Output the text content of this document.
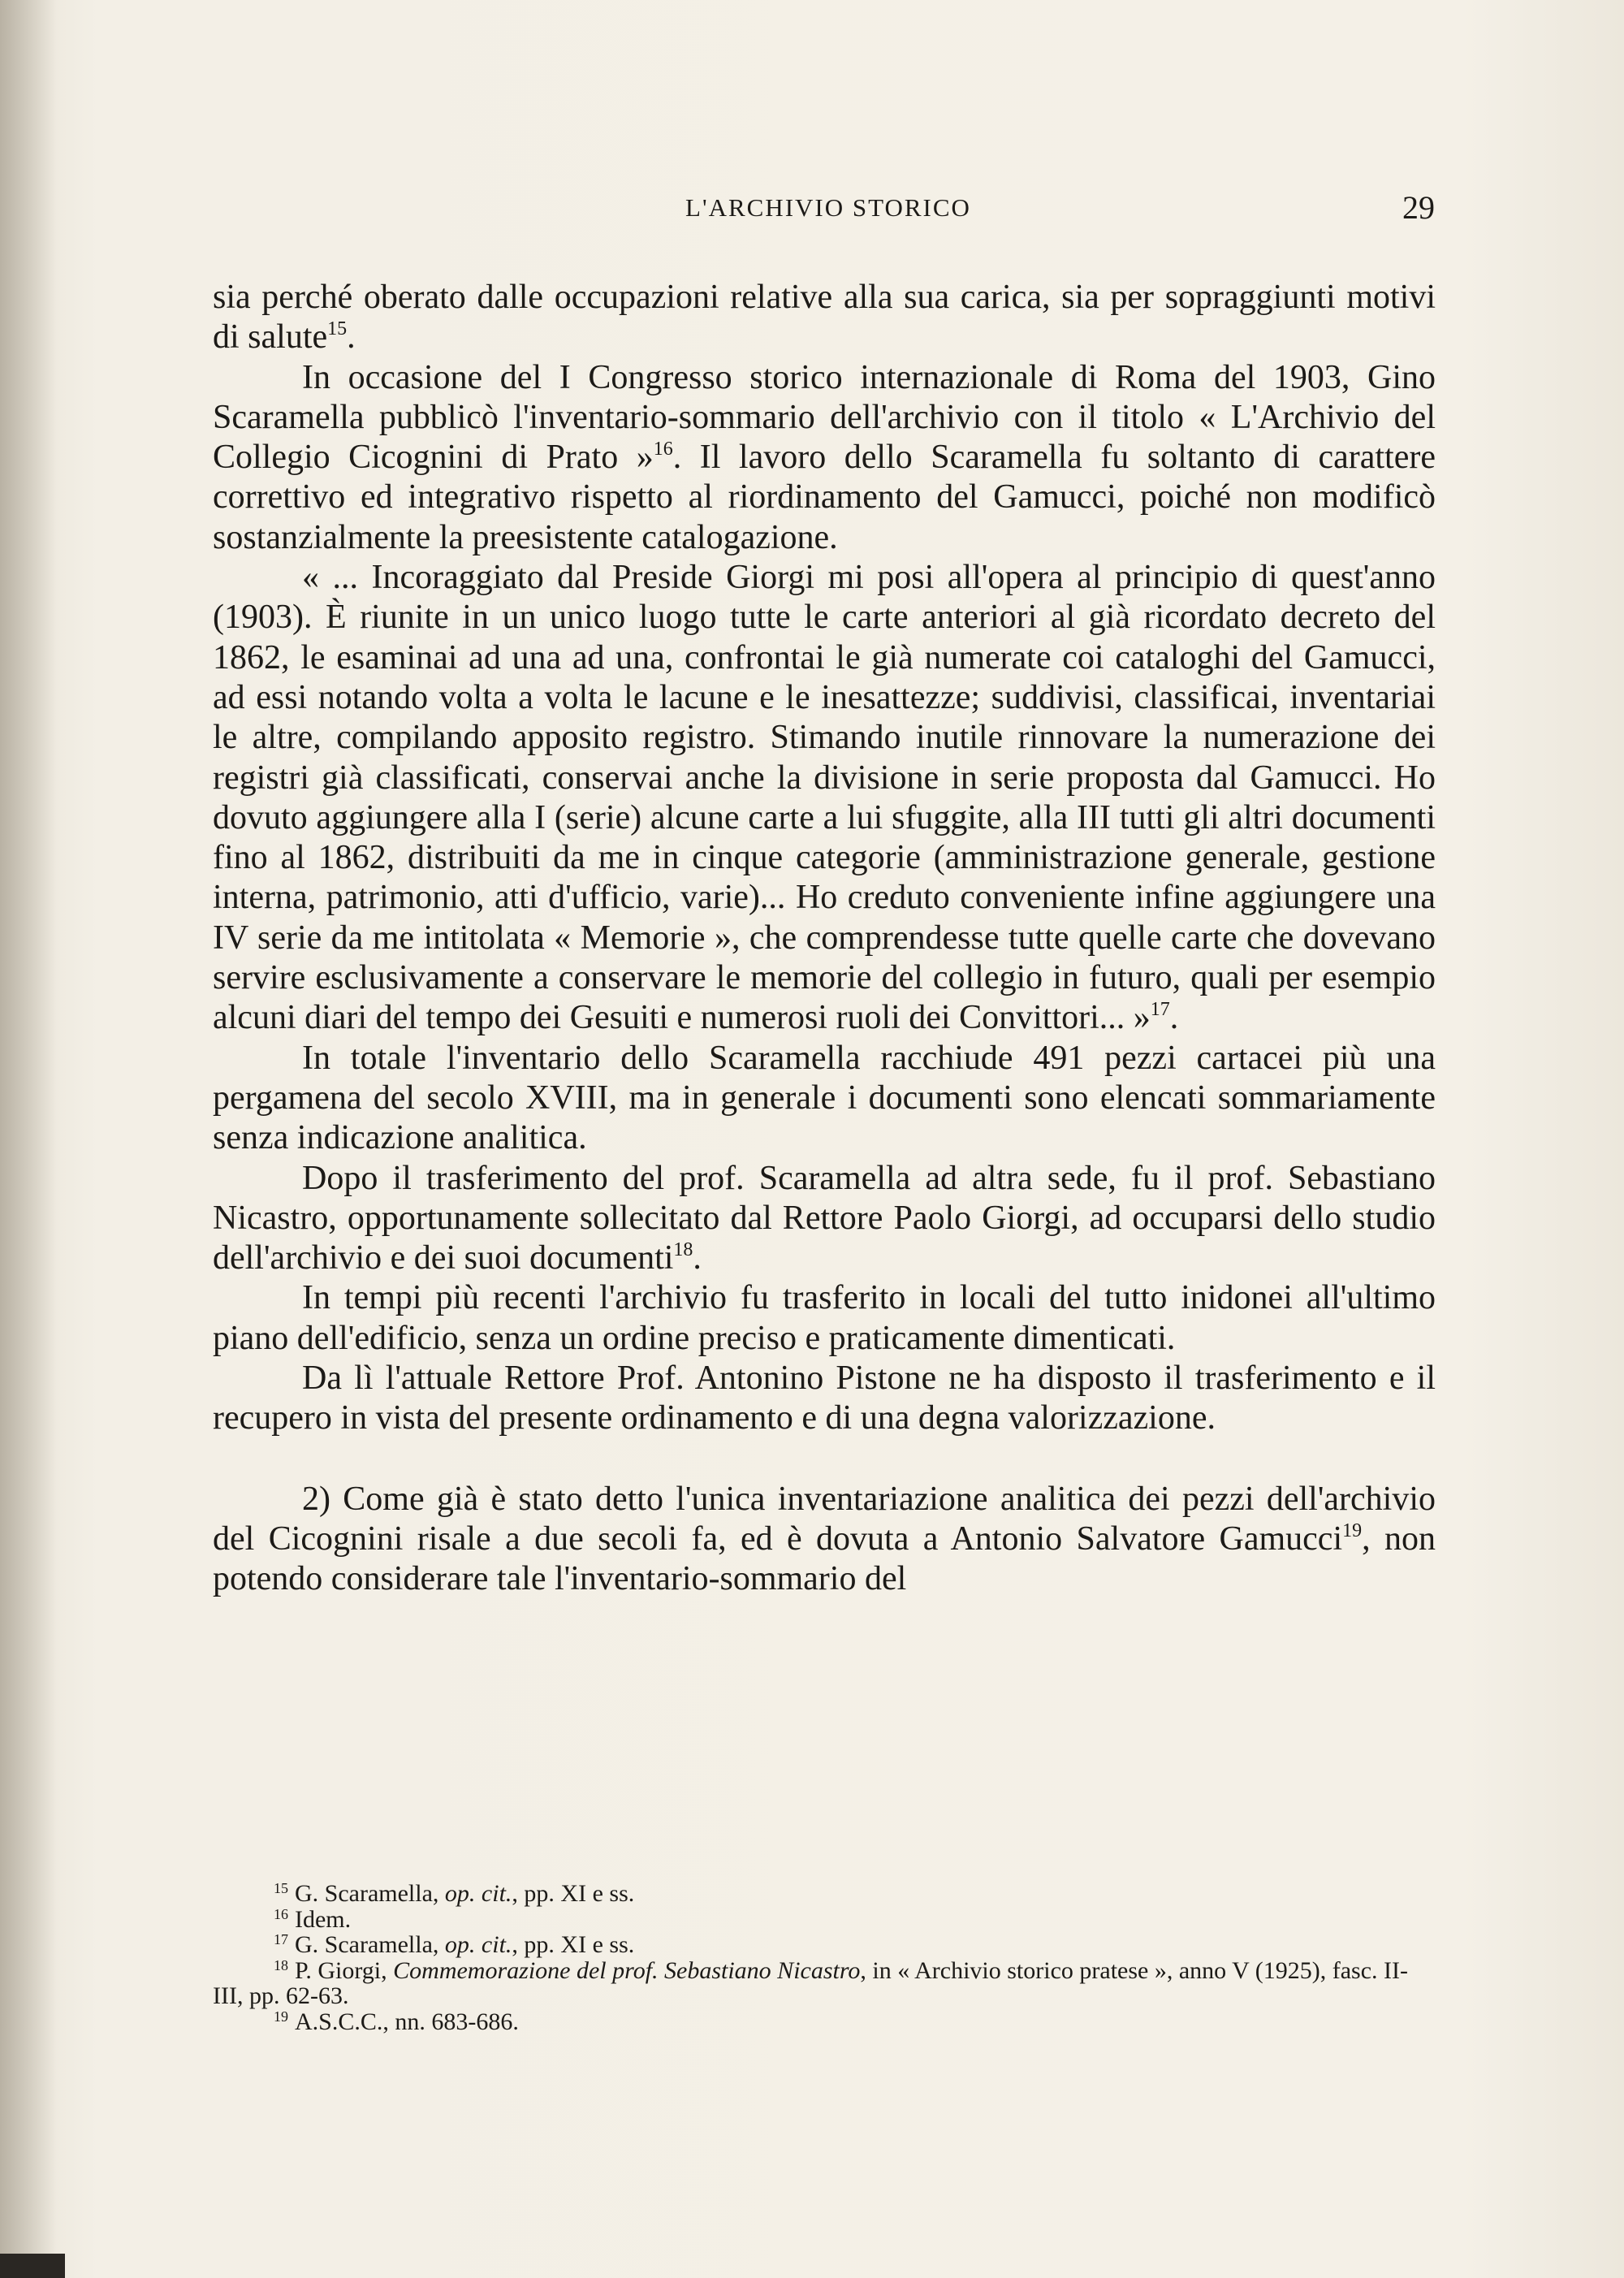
L'ARCHIVIO STORICO	29

sia perché oberato dalle occupazioni relative alla sua carica, sia per sopraggiunti motivi di salute$^{15}$.

In occasione del I Congresso storico internazionale di Roma del 1903, Gino Scaramella pubblicò l'inventario-sommario dell'archivio con il titolo « L'Archivio del Collegio Cicognini di Prato »$^{16}$. Il lavoro dello Scaramella fu soltanto di carattere correttivo ed integrativo rispetto al riordinamento del Gamucci, poiché non modificò sostanzialmente la preesistente catalogazione.

« ... Incoraggiato dal Preside Giorgi mi posi all'opera al principio di quest'anno (1903). È riunite in un unico luogo tutte le carte anteriori al già ricordato decreto del 1862, le esaminai ad una ad una, confrontai le già numerate coi cataloghi del Gamucci, ad essi notando volta a volta le lacune e le inesattezze; suddivisi, classificai, inventariai le altre, compilando apposito registro. Stimando inutile rinnovare la numerazione dei registri già classificati, conservai anche la divisione in serie proposta dal Gamucci. Ho dovuto aggiungere alla I (serie) alcune carte a lui sfuggite, alla III tutti gli altri documenti fino al 1862, distribuiti da me in cinque categorie (amministrazione generale, gestione interna, patrimonio, atti d'ufficio, varie)... Ho creduto conveniente infine aggiungere una IV serie da me intitolata « Memorie », che comprendesse tutte quelle carte che dovevano servire esclusivamente a conservare le memorie del collegio in futuro, quali per esempio alcuni diari del tempo dei Gesuiti e numerosi ruoli dei Convittori... »$^{17}$.

In totale l'inventario dello Scaramella racchiude 491 pezzi cartacei più una pergamena del secolo XVIII, ma in generale i documenti sono elencati sommariamente senza indicazione analitica.

Dopo il trasferimento del prof. Scaramella ad altra sede, fu il prof. Sebastiano Nicastro, opportunamente sollecitato dal Rettore Paolo Giorgi, ad occuparsi dello studio dell'archivio e dei suoi documenti$^{18}$.

In tempi più recenti l'archivio fu trasferito in locali del tutto inidonei all'ultimo piano dell'edificio, senza un ordine preciso e praticamente dimenticati.

Da lì l'attuale Rettore Prof. Antonino Pistone ne ha disposto il trasferimento e il recupero in vista del presente ordinamento e di una degna valorizzazione.

2) Come già è stato detto l'unica inventariazione analitica dei pezzi dell'archivio del Cicognini risale a due secoli fa, ed è dovuta a Antonio Salvatore Gamucci$^{19}$, non potendo considerare tale l'inventario-sommario del

$^{15}$ G. Scaramella, op. cit., pp. XI e ss.
$^{16}$ Idem.
$^{17}$ G. Scaramella, op. cit., pp. XI e ss.
$^{18}$ P. Giorgi, Commemorazione del prof. Sebastiano Nicastro, in « Archivio storico pratese », anno V (1925), fasc. II-III, pp. 62-63.
$^{19}$ A.S.C.C., nn. 683-686.
